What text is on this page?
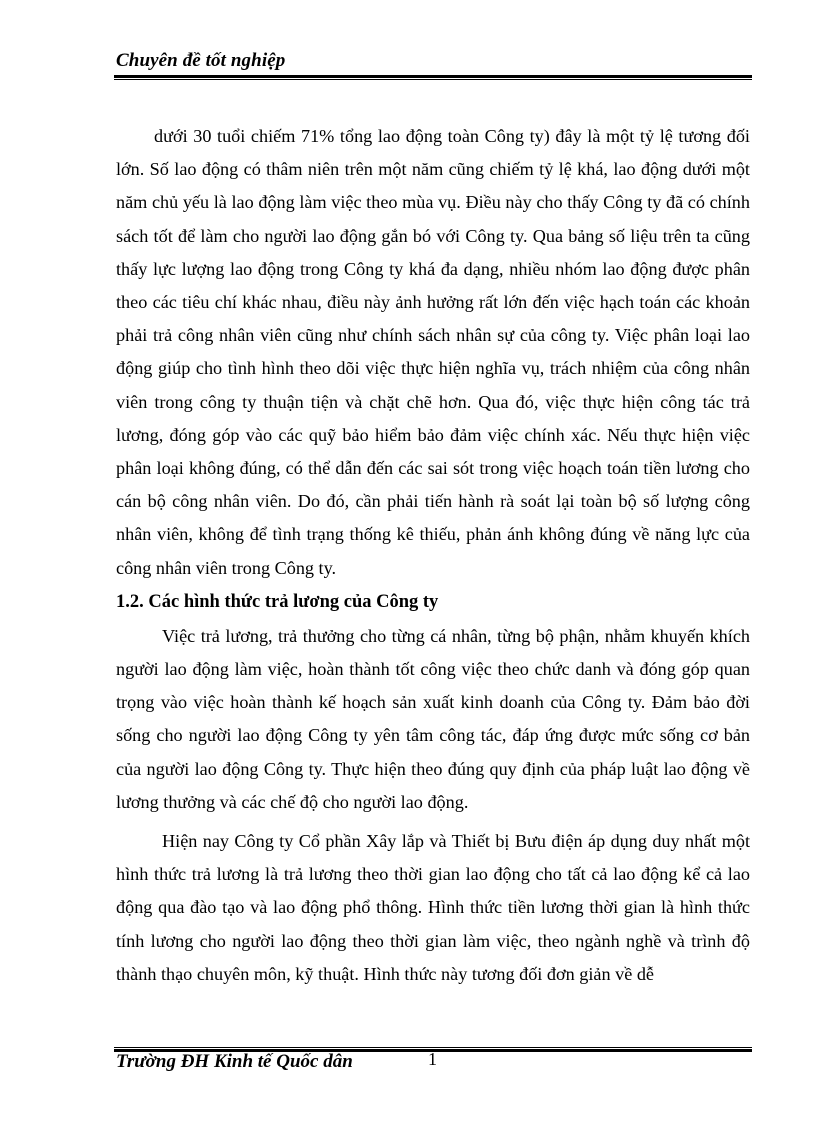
Chuyên đề tốt nghiệp

dưới 30 tuổi chiếm 71% tổng lao động toàn Công ty) đây là một tỷ lệ tương đối lớn. Số lao động có thâm niên trên một năm cũng chiếm tỷ lệ khá, lao động dưới một năm chủ yếu là lao động làm việc theo mùa vụ. Điều này cho thấy Công ty đã có chính sách tốt để làm cho người lao động gắn bó với Công ty. Qua bảng số liệu trên ta cũng thấy lực lượng lao động trong Công ty khá đa dạng, nhiều nhóm lao động được phân theo các tiêu chí khác nhau, điều này ảnh hưởng rất lớn đến việc hạch toán các khoản phải trả công nhân viên cũng như chính sách nhân sự của công ty. Việc phân loại lao động giúp cho tình hình theo dõi việc thực hiện nghĩa vụ, trách nhiệm của công nhân viên trong công ty thuận tiện và chặt chẽ hơn. Qua đó, việc thực hiện công tác trả lương, đóng góp vào các quỹ bảo hiểm bảo đảm việc chính xác. Nếu thực hiện việc phân loại không đúng, có thể dẫn đến các sai sót trong việc hoạch toán tiền lương cho cán bộ công nhân viên. Do đó, cần phải tiến hành rà soát lại toàn bộ số lượng công nhân viên, không để tình trạng thống kê thiếu, phản ánh không đúng về năng lực của công nhân viên trong Công ty.

1.2. Các hình thức trả lương của Công ty

Việc trả lương, trả thưởng cho từng cá nhân, từng bộ phận, nhằm khuyến khích người lao động làm việc, hoàn thành tốt công việc theo chức danh và đóng góp quan trọng vào việc hoàn thành kế hoạch sản xuất kinh doanh của Công ty. Đảm bảo đời sống cho người lao động Công ty yên tâm công tác, đáp ứng được mức sống cơ bản của người lao động Công ty. Thực hiện theo đúng quy định của pháp luật lao động về lương thưởng và các chế độ cho người lao động.

Hiện nay Công ty Cổ phần Xây lắp và Thiết bị Bưu điện áp dụng duy nhất một hình thức trả lương là trả lương theo thời gian lao động cho tất cả lao động kể cả lao động qua đào tạo và lao động phổ thông. Hình thức tiền lương thời gian là hình thức tính lương cho người lao động theo thời gian làm việc, theo ngành nghề và trình độ thành thạo chuyên môn, kỹ thuật. Hình thức này tương đối đơn giản về dễ

Trường ĐH Kinh tế Quốc dân	1
